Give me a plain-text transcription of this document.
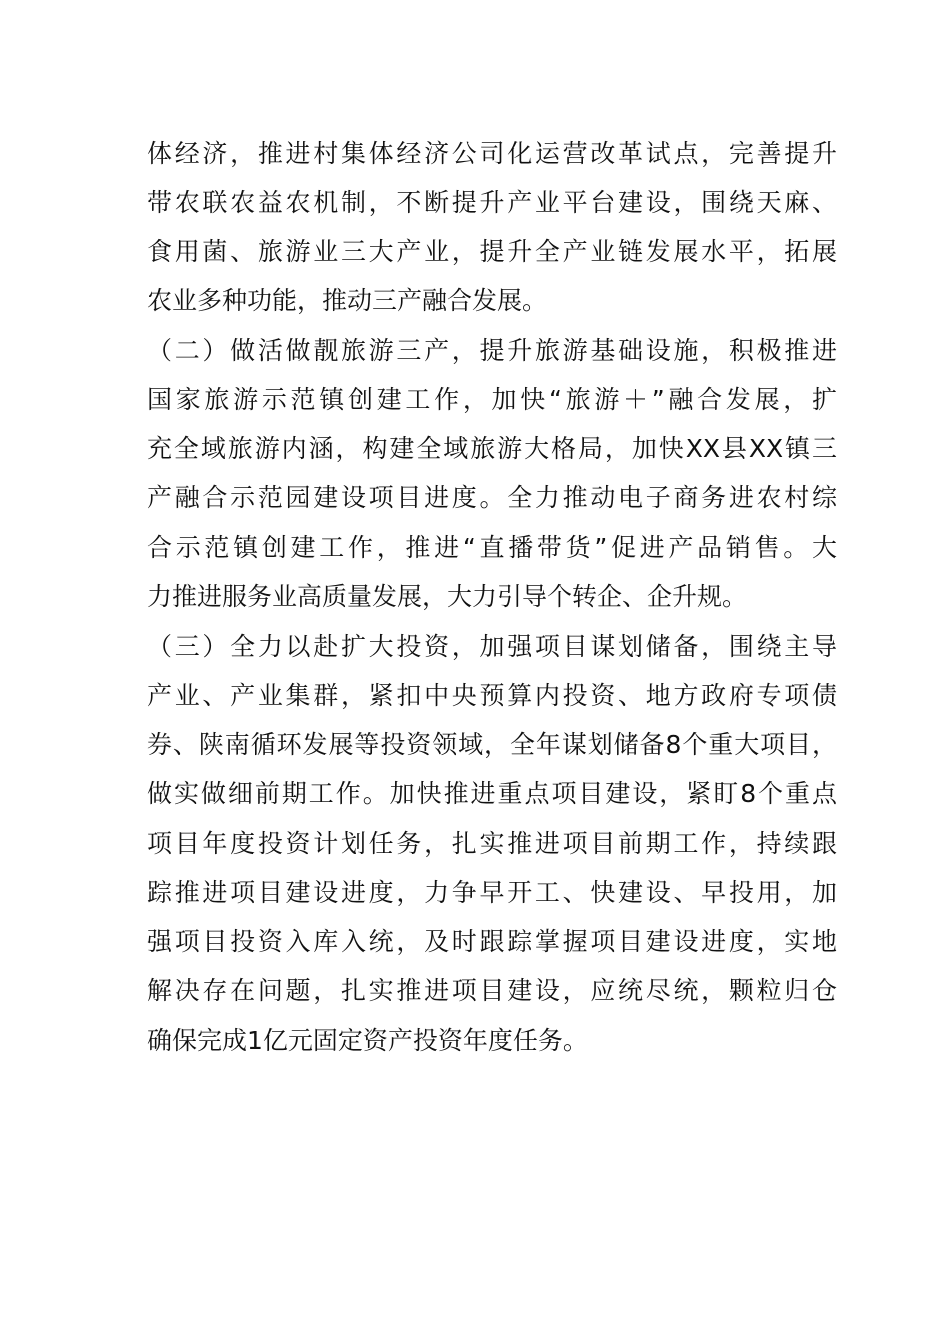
体经济，推进村集体经济公司化运营改革试点，完善提升
带农联农益农机制，不断提升产业平台建设，围绕天麻、
食用菌、旅游业三大产业，提升全产业链发展水平，拓展
农业多种功能，推动三产融合发展。
（二）做活做靓旅游三产，提升旅游基础设施，积极推进
国家旅游示范镇创建工作，加快“旅游＋”融合发展，扩
充全域旅游内涵，构建全域旅游大格局，加快XX县XX镇三
产融合示范园建设项目进度。全力推动电子商务进农村综
合示范镇创建工作，推进“直播带货”促进产品销售。大
力推进服务业高质量发展，大力引导个转企、企升规。
（三）全力以赴扩大投资，加强项目谋划储备，围绕主导
产业、产业集群，紧扣中央预算内投资、地方政府专项债
券、陕南循环发展等投资领域，全年谋划储备8个重大项目，
做实做细前期工作。加快推进重点项目建设，紧盯8个重点
项目年度投资计划任务，扎实推进项目前期工作，持续跟
踪推进项目建设进度，力争早开工、快建设、早投用，加
强项目投资入库入统，及时跟踪掌握项目建设进度，实地
解决存在问题，扎实推进项目建设，应统尽统，颗粒归仓
确保完成1亿元固定资产投资年度任务。
